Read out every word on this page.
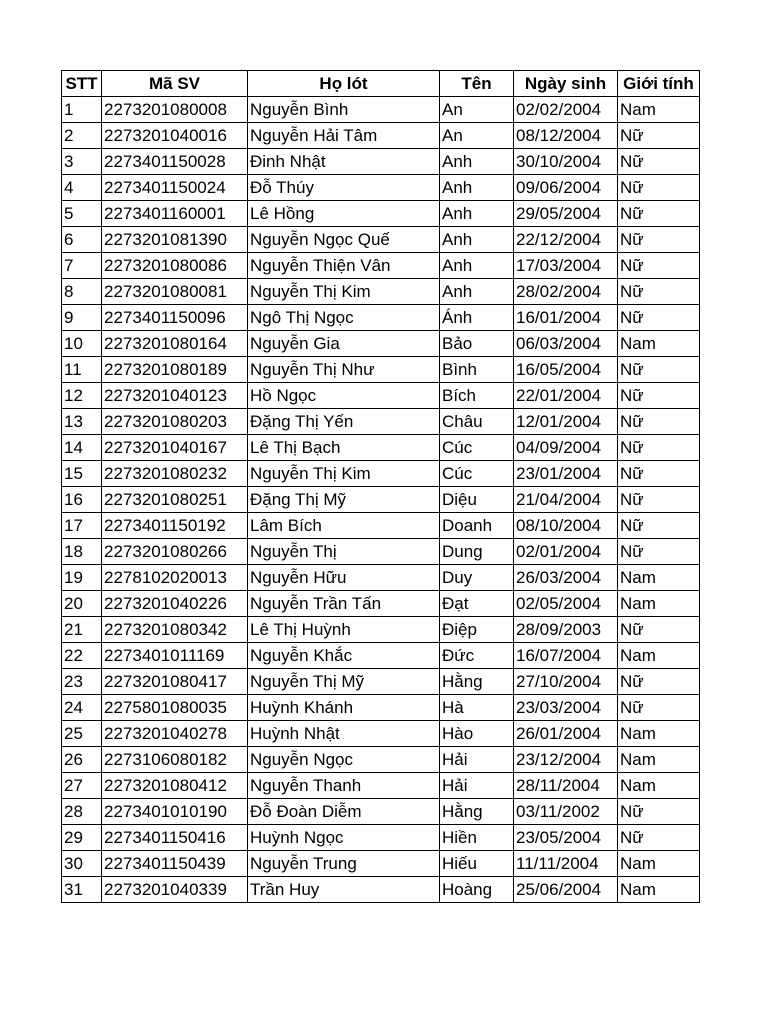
STT	Mã SV	Họ lót	Tên	Ngày sinh	Giới tính
1	2273201080008	Nguyễn Bình	An	02/02/2004	Nam
2	2273201040016	Nguyễn Hải Tâm	An	08/12/2004	Nữ
3	2273401150028	Đinh Nhật	Anh	30/10/2004	Nữ
4	2273401150024	Đỗ Thúy	Anh	09/06/2004	Nữ
5	2273401160001	Lê Hồng	Anh	29/05/2004	Nữ
6	2273201081390	Nguyễn Ngọc Quế	Anh	22/12/2004	Nữ
7	2273201080086	Nguyễn Thiện Vân	Anh	17/03/2004	Nữ
8	2273201080081	Nguyễn Thị Kim	Anh	28/02/2004	Nữ
9	2273401150096	Ngô Thị Ngọc	Ánh	16/01/2004	Nữ
10	2273201080164	Nguyễn Gia	Bảo	06/03/2004	Nam
11	2273201080189	Nguyễn Thị Như	Bình	16/05/2004	Nữ
12	2273201040123	Hồ Ngọc	Bích	22/01/2004	Nữ
13	2273201080203	Đặng Thị Yến	Châu	12/01/2004	Nữ
14	2273201040167	Lê Thị Bạch	Cúc	04/09/2004	Nữ
15	2273201080232	Nguyễn Thị Kim	Cúc	23/01/2004	Nữ
16	2273201080251	Đặng Thị Mỹ	Diệu	21/04/2004	Nữ
17	2273401150192	Lâm Bích	Doanh	08/10/2004	Nữ
18	2273201080266	Nguyễn Thị	Dung	02/01/2004	Nữ
19	2278102020013	Nguyễn Hữu	Duy	26/03/2004	Nam
20	2273201040226	Nguyễn Trần Tấn	Đạt	02/05/2004	Nam
21	2273201080342	Lê Thị Huỳnh	Điệp	28/09/2003	Nữ
22	2273401011169	Nguyễn Khắc	Đức	16/07/2004	Nam
23	2273201080417	Nguyễn Thị Mỹ	Hằng	27/10/2004	Nữ
24	2275801080035	Huỳnh Khánh	Hà	23/03/2004	Nữ
25	2273201040278	Huỳnh Nhật	Hào	26/01/2004	Nam
26	2273106080182	Nguyễn Ngọc	Hải	23/12/2004	Nam
27	2273201080412	Nguyễn Thanh	Hải	28/11/2004	Nam
28	2273401010190	Đỗ Đoàn Diễm	Hằng	03/11/2002	Nữ
29	2273401150416	Huỳnh Ngọc	Hiền	23/05/2004	Nữ
30	2273401150439	Nguyễn Trung	Hiếu	11/11/2004	Nam
31	2273201040339	Trần Huy	Hoàng	25/06/2004	Nam
